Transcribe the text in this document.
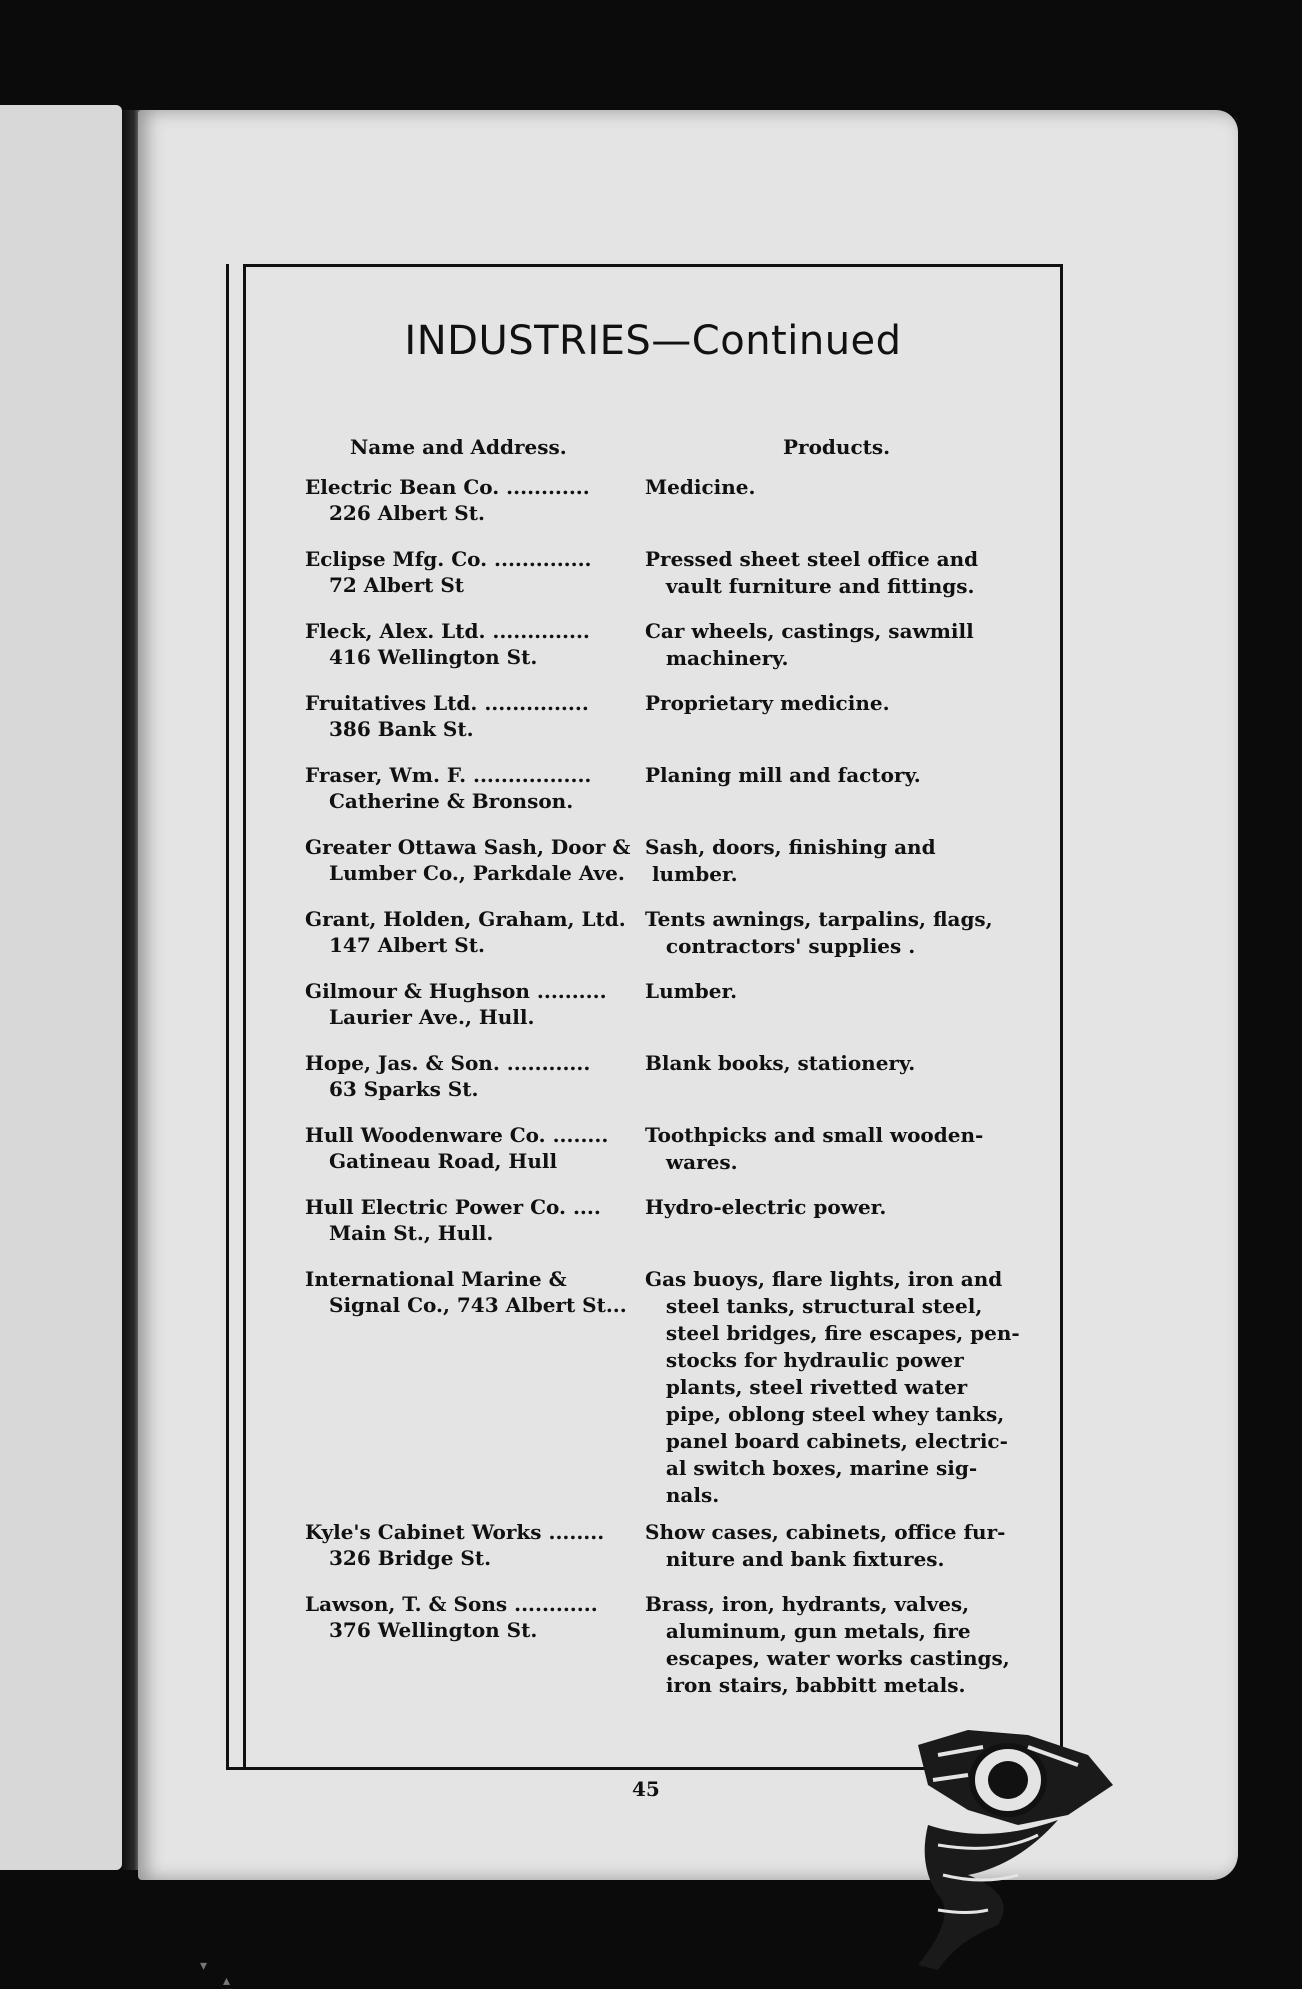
INDUSTRIES—Continued
Name and Address.	Products.
Electric Bean Co. ............
226 Albert St.
Medicine.
Eclipse Mfg. Co. ..............
72 Albert St
Pressed sheet steel office and
vault furniture and fittings.
Fleck, Alex. Ltd. ..............
416 Wellington St.
Car wheels, castings, sawmill
machinery.
Fruitatives Ltd. ...............
386 Bank St.
Proprietary medicine.
Fraser, Wm. F. .................
Catherine & Bronson.
Planing mill and factory.
Greater Ottawa Sash, Door &
Lumber Co., Parkdale Ave.
Sash, doors, finishing and
lumber.
Grant, Holden, Graham, Ltd.
147 Albert St.
Tents awnings, tarpalins, flags,
contractors' supplies .
Gilmour & Hughson ..........
Laurier Ave., Hull.
Lumber.
Hope, Jas. & Son. ............
63 Sparks St.
Blank books, stationery.
Hull Woodenware Co. ........
Gatineau Road, Hull
Toothpicks and small wooden-
wares.
Hull Electric Power Co. ....
Main St., Hull.
Hydro-electric power.
International Marine &
Signal Co., 743 Albert St...
Gas buoys, flare lights, iron and
steel tanks, structural steel,
steel bridges, fire escapes, pen-
stocks for hydraulic power
plants, steel rivetted water
pipe, oblong steel whey tanks,
panel board cabinets, electric-
al switch boxes, marine sig-
nals.
Kyle's Cabinet Works ........
326 Bridge St.
Show cases, cabinets, office fur-
niture and bank fixtures.
Lawson, T. & Sons ............
376 Wellington St.
Brass, iron, hydrants, valves,
aluminum, gun metals, fire
escapes, water works castings,
iron stairs, babbitt metals.
45
▾
▴
